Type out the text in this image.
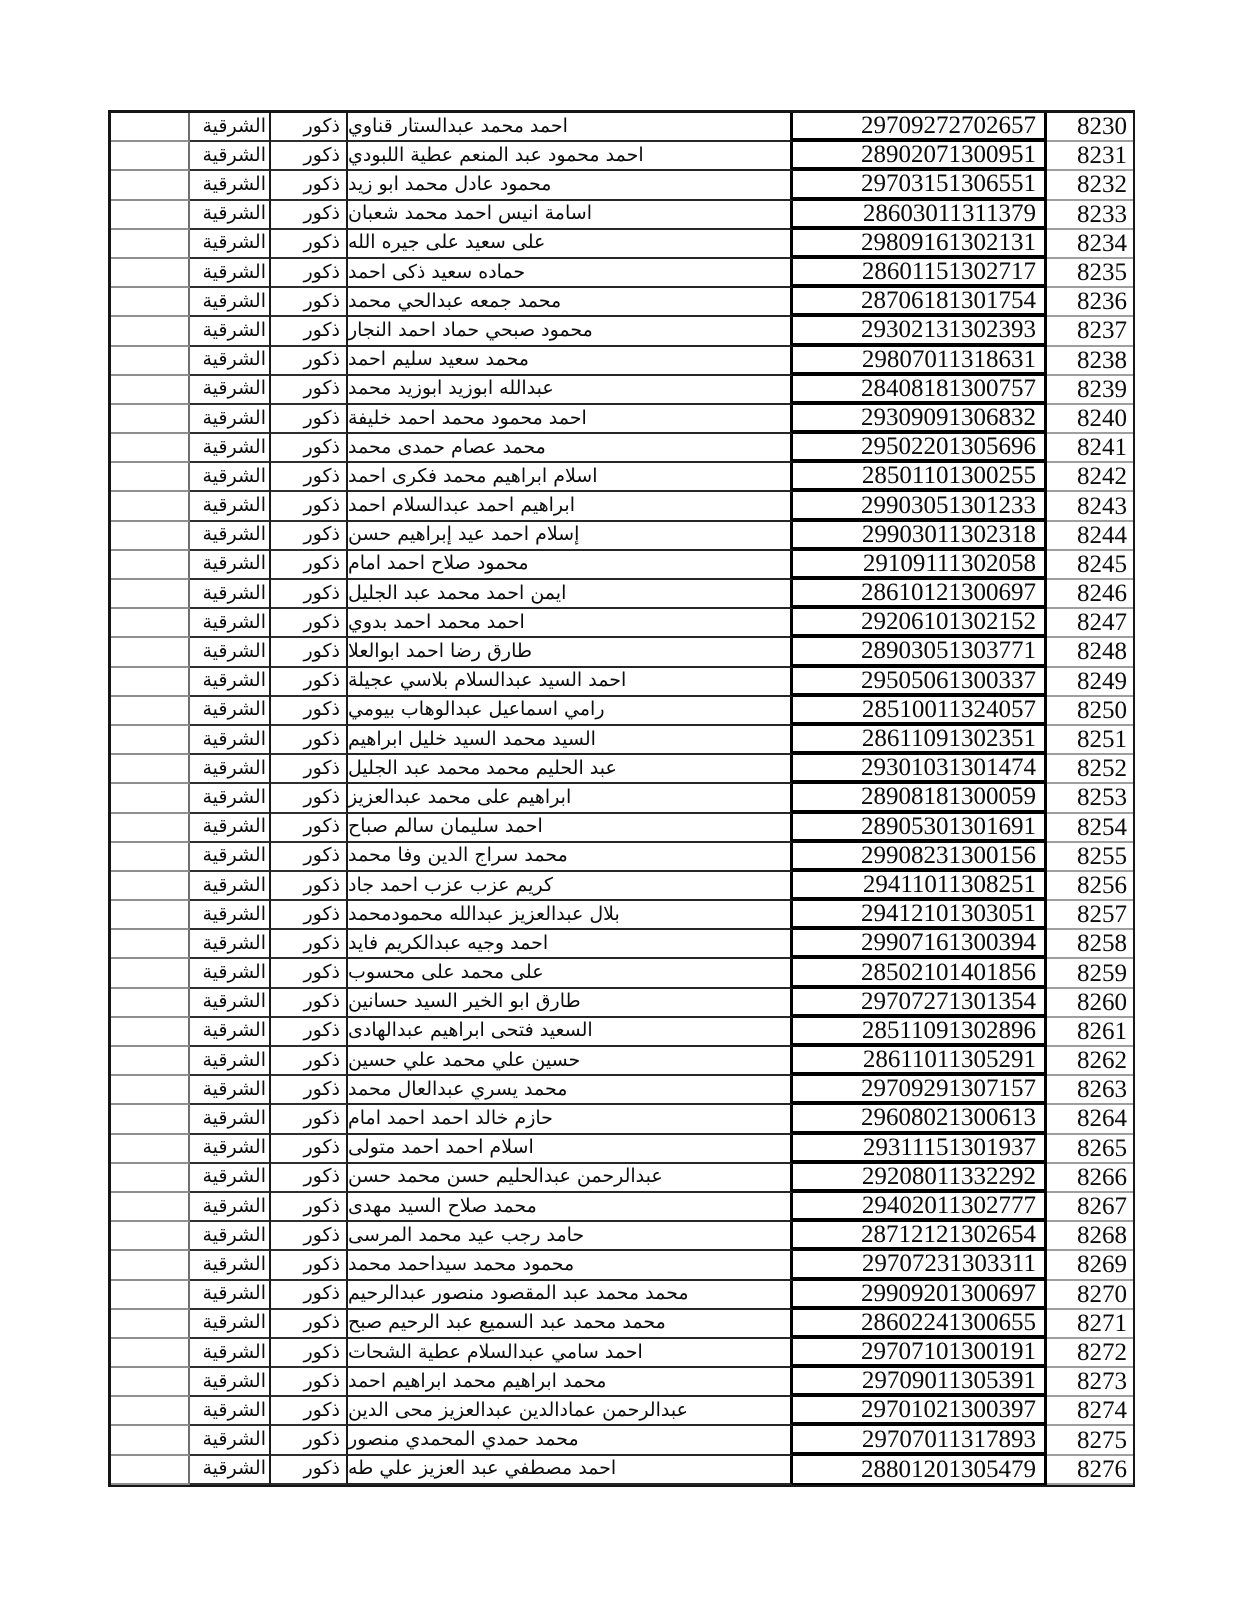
الشرقية	ذكور احمد محمد عبدالستار قناوي	29709272702657	8230
الشرقية	ذكور احمد محمود عبد المنعم عطية اللبودي	28902071300951	8231
الشرقية	ذكور محمود عادل محمد ابو زيد	29703151306551	8232
الشرقية	ذكور اسامة انيس احمد محمد شعبان	28603011311379	8233
الشرقية	ذكور على سعيد على جيره الله	29809161302131	8234
الشرقية	ذكور حماده سعيد ذكى احمد	28601151302717	8235
الشرقية	ذكور محمد جمعه عبدالحي محمد	28706181301754	8236
الشرقية	ذكور محمود صبحي حماد احمد النجار	29302131302393	8237
الشرقية	ذكور محمد سعيد سليم احمد	29807011318631	8238
الشرقية	ذكور عبدالله ابوزيد ابوزيد محمد	28408181300757	8239
الشرقية	ذكور احمد محمود محمد احمد خليفة	29309091306832	8240
الشرقية	ذكور محمد عصام حمدى محمد	29502201305696	8241
الشرقية	ذكور اسلام ابراهيم محمد فكرى احمد	28501101300255	8242
الشرقية	ذكور ابراهيم احمد عبدالسلام احمد	29903051301233	8243
الشرقية	ذكور إسلام احمد عيد إبراهيم حسن	29903011302318	8244
الشرقية	ذكور محمود صلاح احمد امام	29109111302058	8245
الشرقية	ذكور ايمن احمد محمد عبد الجليل	28610121300697	8246
الشرقية	ذكور احمد محمد احمد بدوي	29206101302152	8247
الشرقية	ذكور طارق رضا احمد ابوالعلا	28903051303771	8248
الشرقية	ذكور احمد السيد عبدالسلام بلاسي عجيلة	29505061300337	8249
الشرقية	ذكور رامي اسماعيل عبدالوهاب بيومي	28510011324057	8250
الشرقية	ذكور السيد محمد السيد خليل ابراهيم	28611091302351	8251
الشرقية	ذكور عبد الحليم محمد محمد عبد الجليل	29301031301474	8252
الشرقية	ذكور ابراهيم على محمد عبدالعزيز	28908181300059	8253
الشرقية	ذكور احمد سليمان سالم صباح	28905301301691	8254
الشرقية	ذكور محمد سراج الدين وفا محمد	29908231300156	8255
الشرقية	ذكور كريم عزب عزب احمد جاد	29411011308251	8256
الشرقية	ذكور بلال عبدالعزيز عبدالله محمودمحمد	29412101303051	8257
الشرقية	ذكور احمد وجيه عبدالكريم فايد	29907161300394	8258
الشرقية	ذكور على محمد على محسوب	28502101401856	8259
الشرقية	ذكور طارق ابو الخير السيد حسانين	29707271301354	8260
الشرقية	ذكور السعيد فتحى ابراهيم عبدالهادى	28511091302896	8261
الشرقية	ذكور حسين علي محمد علي حسين	28611011305291	8262
الشرقية	ذكور محمد يسري عبدالعال محمد	29709291307157	8263
الشرقية	ذكور حازم خالد احمد احمد امام	29608021300613	8264
الشرقية	ذكور اسلام احمد احمد متولى	29311151301937	8265
الشرقية	ذكور عبدالرحمن عبدالحليم حسن محمد حسن	29208011332292	8266
الشرقية	ذكور محمد صلاح السيد مهدى	29402011302777	8267
الشرقية	ذكور حامد رجب عيد محمد المرسى	28712121302654	8268
الشرقية	ذكور محمود محمد سيداحمد محمد	29707231303311	8269
الشرقية	ذكور محمد محمد عبد المقصود منصور عبدالرحيم	29909201300697	8270
الشرقية	ذكور محمد محمد عبد السميع عبد الرحيم صبح	28602241300655	8271
الشرقية	ذكور احمد سامي عبدالسلام عطية الشحات	29707101300191	8272
الشرقية	ذكور محمد ابراهيم محمد ابراهيم احمد	29709011305391	8273
الشرقية	ذكور عبدالرحمن عمادالدين عبدالعزيز محى الدين	29701021300397	8274
الشرقية	ذكور محمد حمدي المحمدي منصور	29707011317893	8275
الشرقية	ذكور احمد مصطفي عبد العزيز علي طه	28801201305479	8276
